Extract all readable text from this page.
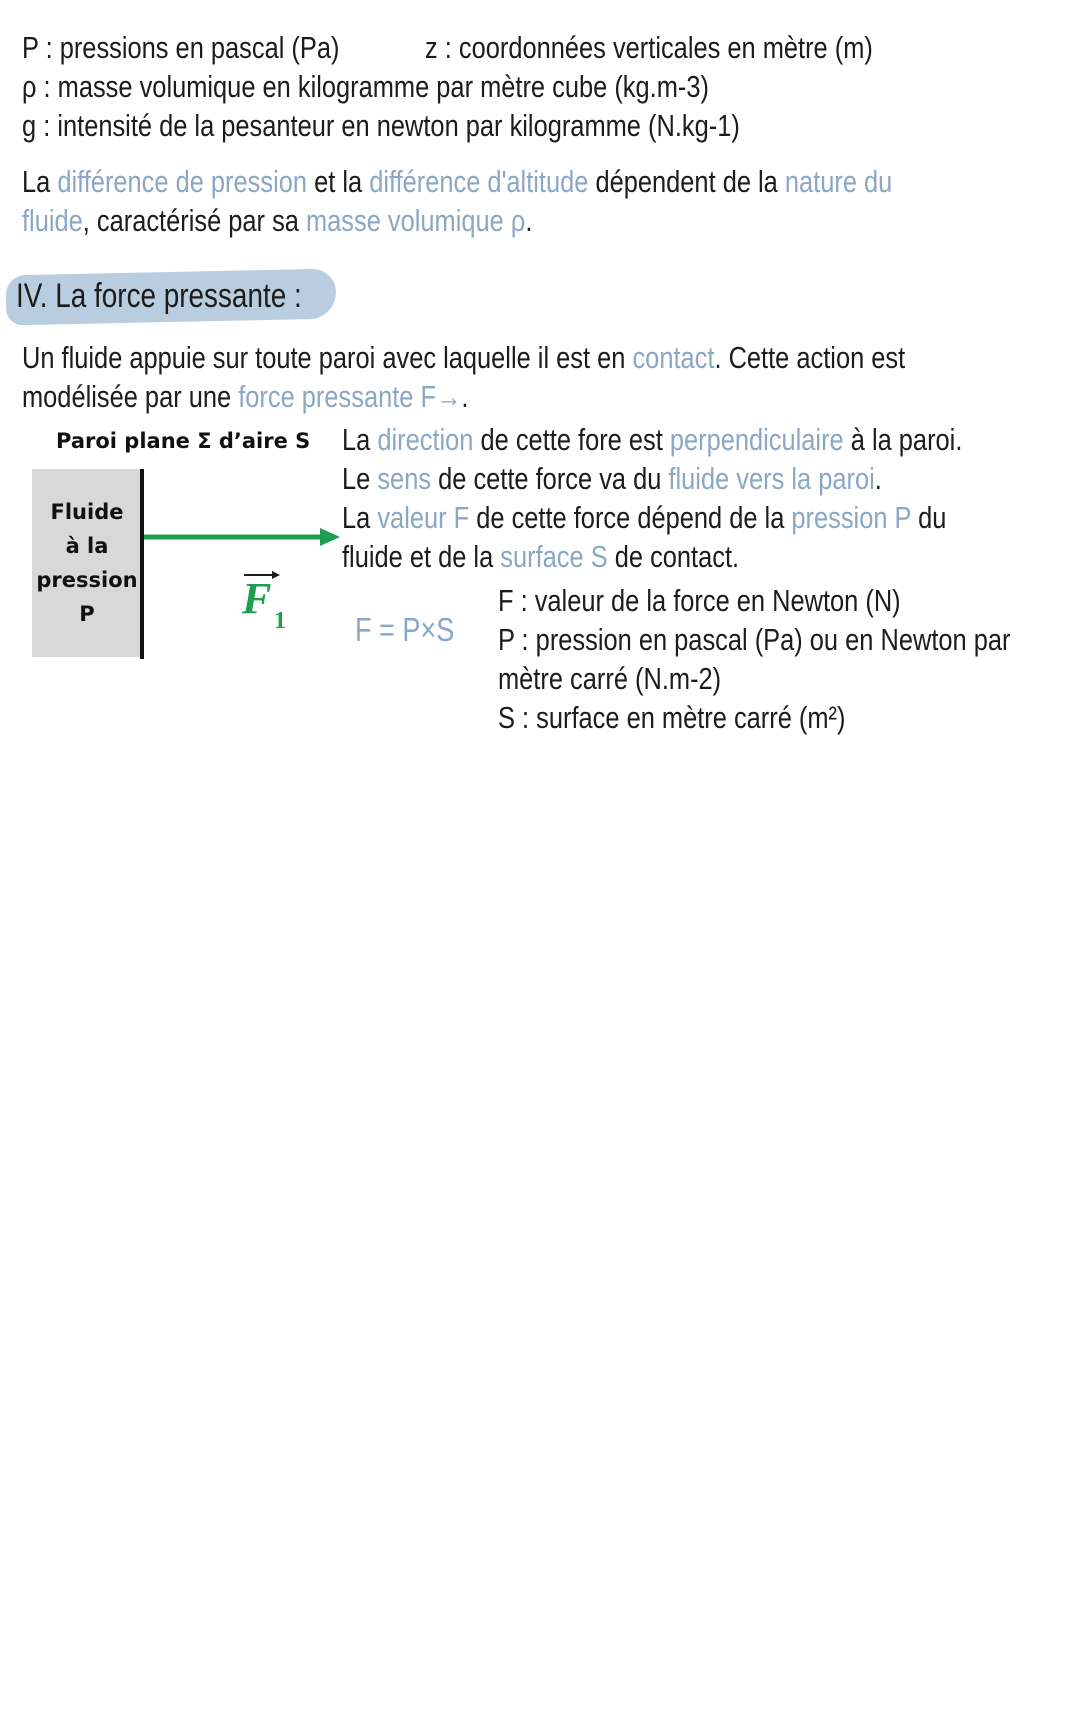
P : pressions en pascal (Pa)	z : coordonnées verticales en mètre (m)
ρ : masse volumique en kilogramme par mètre cube (kg.m-3)
g : intensité de la pesanteur en newton par kilogramme (N.kg-1)
La différence de pression et la différence d'altitude dépendent de la nature du
fluide, caractérisé par sa masse volumique ρ.
IV. La force pressante :
Un fluide appuie sur toute paroi avec laquelle il est en contact. Cette action est
modélisée par une force pressante F→.
Paroi plane Σ d’aire S
Fluide
à la
pression
P	F 1
La direction de cette fore est perpendiculaire à la paroi.
Le sens de cette force va du fluide vers la paroi.
La valeur F de cette force dépend de la pression P du
fluide et de la surface S de contact.
F = P×S
F : valeur de la force en Newton (N)
P : pression en pascal (Pa) ou en Newton par
mètre carré (N.m-2)
S : surface en mètre carré (m²)
